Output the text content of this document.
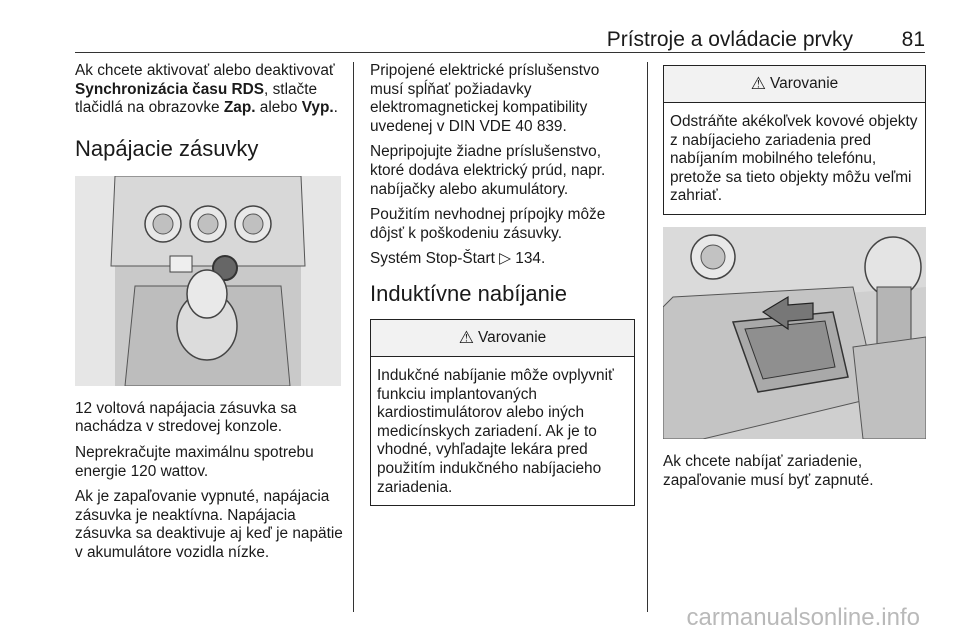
Prístroje a ovládacie prvky 81

Ak chcete aktivovať alebo deaktivovať Synchronizácia času RDS, stlačte tlačidlá na obrazovke Zap. alebo Vyp..

Napájacie zásuvky

12 voltová napájacia zásuvka sa nachádza v stredovej konzole.

Neprekračujte maximálnu spotrebu energie 120 wattov.

Ak je zapaľovanie vypnuté, napájacia zásuvka je neaktívna. Napájacia zásuvka sa deaktivuje aj keď je napätie v akumulátore vozidla nízke.

Pripojené elektrické príslušenstvo musí spĺňať požiadavky elektromagnetickej kompatibility uvedenej v DIN VDE 40 839.

Nepripojujte žiadne príslušenstvo, ktoré dodáva elektrický prúd, napr. nabíjačky alebo akumulátory.

Použitím nevhodnej prípojky môže dôjsť k poškodeniu zásuvky.

Systém Stop-Štart ▷ 134.

Induktívne nabíjanie
⚠ Varovanie

Indukčné nabíjanie môže ovplyvniť funkciu implantovaných kardiostimulátorov alebo iných medicínskych zariadení. Ak je to vhodné, vyhľadajte lekára pred použitím indukčného nabíjacieho zariadenia.

⚠ Varovanie

Odstráňte akékoľvek kovové objekty z nabíjacieho zariadenia pred nabíjaním mobilného telefónu, pretože sa tieto objekty môžu veľmi zahriať.

Ak chcete nabíjať zariadenie, zapaľovanie musí byť zapnuté.

carmanualsonline.info
